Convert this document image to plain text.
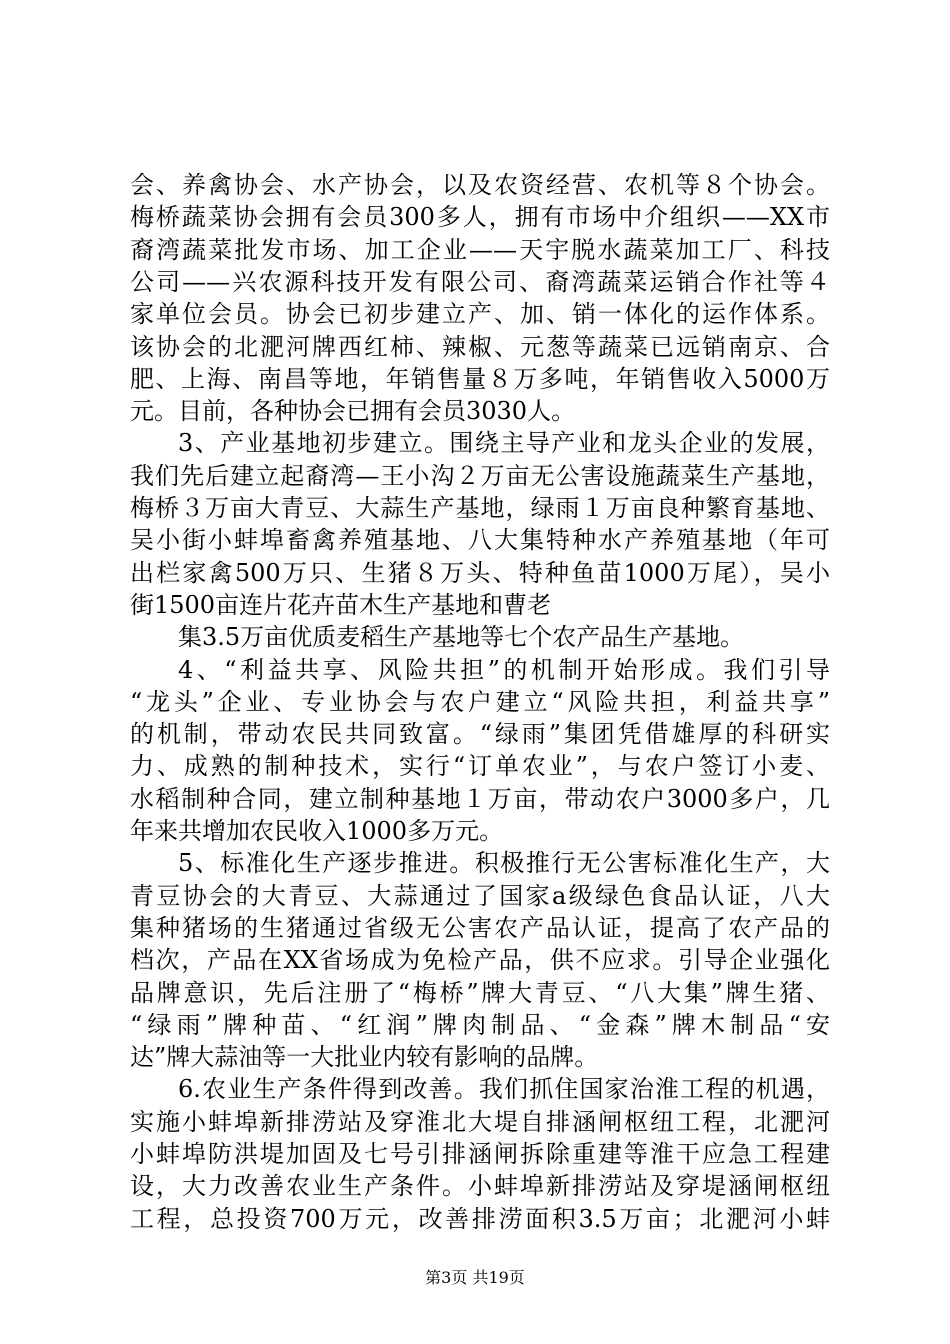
会、养禽协会、水产协会，以及农资经营、农机等８个协会。
梅桥蔬菜协会拥有会员300多人，拥有市场中介组织——XX市
裔湾蔬菜批发市场、加工企业——天宇脱水蔬菜加工厂、科技
公司——兴农源科技开发有限公司、裔湾蔬菜运销合作社等４
家单位会员。协会已初步建立产、加、销一体化的运作体系。
该协会的北淝河牌西红柿、辣椒、元葱等蔬菜已远销南京、合
肥、上海、南昌等地，年销售量８万多吨，年销售收入5000万
元。目前，各种协会已拥有会员3030人。
3、产业基地初步建立。围绕主导产业和龙头企业的发展，
我们先后建立起裔湾—王小沟２万亩无公害设施蔬菜生产基地，
梅桥３万亩大青豆、大蒜生产基地，绿雨１万亩良种繁育基地、
吴小街小蚌埠畜禽养殖基地、八大集特种水产养殖基地（年可
出栏家禽500万只、生猪８万头、特种鱼苗1000万尾），吴小
街1500亩连片花卉苗木生产基地和曹老
集3.5万亩优质麦稻生产基地等七个农产品生产基地。
4、“利益共享、风险共担”的机制开始形成。我们引导
“龙头”企业、专业协会与农户建立“风险共担，利益共享”
的机制，带动农民共同致富。“绿雨”集团凭借雄厚的科研实
力、成熟的制种技术，实行“订单农业”，与农户签订小麦、
水稻制种合同，建立制种基地１万亩，带动农户3000多户，几
年来共增加农民收入1000多万元。
5、标准化生产逐步推进。积极推行无公害标准化生产，大
青豆协会的大青豆、大蒜通过了国家a级绿色食品认证，八大
集种猪场的生猪通过省级无公害农产品认证，提高了农产品的
档次，产品在XX省场成为免检产品，供不应求。引导企业强化
品牌意识，先后注册了“梅桥”牌大青豆、“八大集”牌生猪、
“绿雨”牌种苗、“红润”牌肉制品、“金森”牌木制品“安
达”牌大蒜油等一大批业内较有影响的品牌。
6.农业生产条件得到改善。我们抓住国家治淮工程的机遇，
实施小蚌埠新排涝站及穿淮北大堤自排涵闸枢纽工程，北淝河
小蚌埠防洪堤加固及七号引排涵闸拆除重建等淮干应急工程建
设，大力改善农业生产条件。小蚌埠新排涝站及穿堤涵闸枢纽
工程，总投资700万元，改善排涝面积3.5万亩；北淝河小蚌
第3页 共19页
